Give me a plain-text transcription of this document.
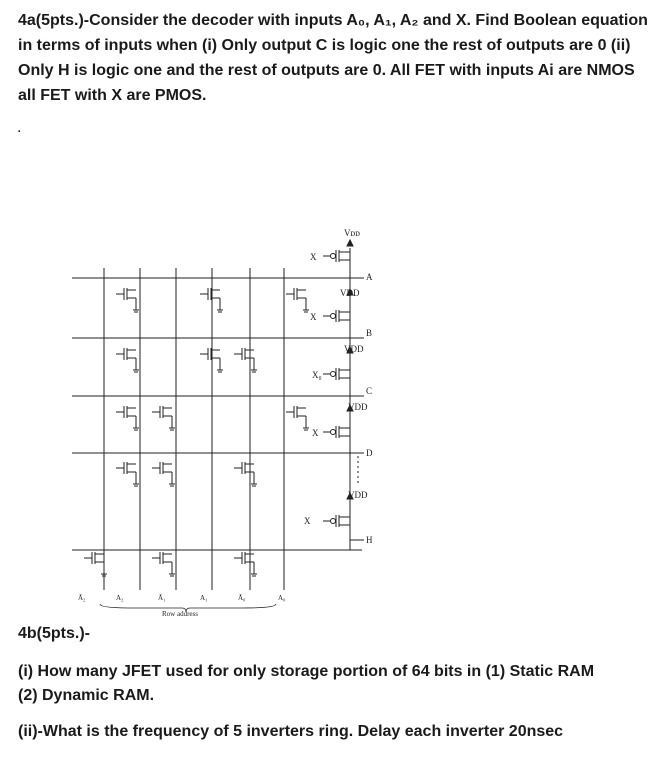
4a(5pts.)-Consider the decoder with inputs A₀, A₁, A₂ and X. Find Boolean equation

in terms of inputs when (i) Only output C is logic one the rest of outputs are 0 (ii)

Only H is logic one and the rest of outputs are 0. All FET with inputs Ai are NMOS

all FET with X are PMOS.

.
Vᴅᴅ
VDD
VDD
VDD
VDD
A
B
C
D
H
X
X
X₀
X
X
Ā₂	A₂	Ā₁	A₁	Ā₀	A₀
Row address

4b(5pts.)-

(i) How many JFET used for only storage portion of 64 bits in (1) Static RAM

(2) Dynamic RAM.

(ii)-What is the frequency of 5 inverters ring. Delay each inverter 20nsec
